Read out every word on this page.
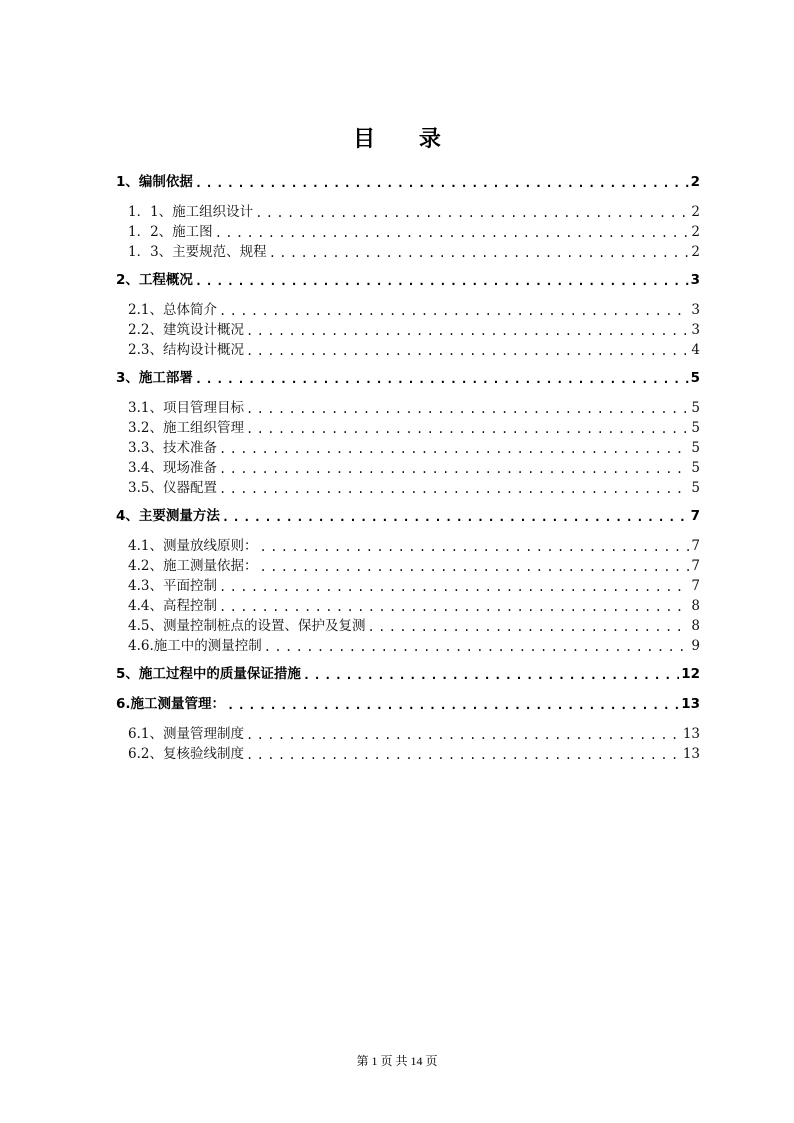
目 录
1、编制依据 .....	2
1．1、施工组织设计 .....	2
1．2、施工图 .....	2
1．3、主要规范、规程 .....	2
2、工程概况 .....	3
2.1、总体简介 .....	3
2.2、建筑设计概况 .....	3
2.3、结构设计概况 .....	4
3、施工部署 .....	5
3.1、项目管理目标 .....	5
3.2、施工组织管理 .....	5
3.3、技术准备 .....	5
3.4、现场准备 .....	5
3.5、仪器配置 .....	5
4、主要测量方法 .....	7
4.1、测量放线原则： .....	7
4.2、施工测量依据： .....	7
4.3、平面控制 .....	7
4.4、高程控制 .....	8
4.5、测量控制桩点的设置、保护及复测 .....	8
4.6.施工中的测量控制 .....	9
5、施工过程中的质量保证措施 .....	12
6.施工测量管理： .....	13
6.1、测量管理制度 .....	13
6.2、复核验线制度 .....	13
第 1 页 共 14 页
